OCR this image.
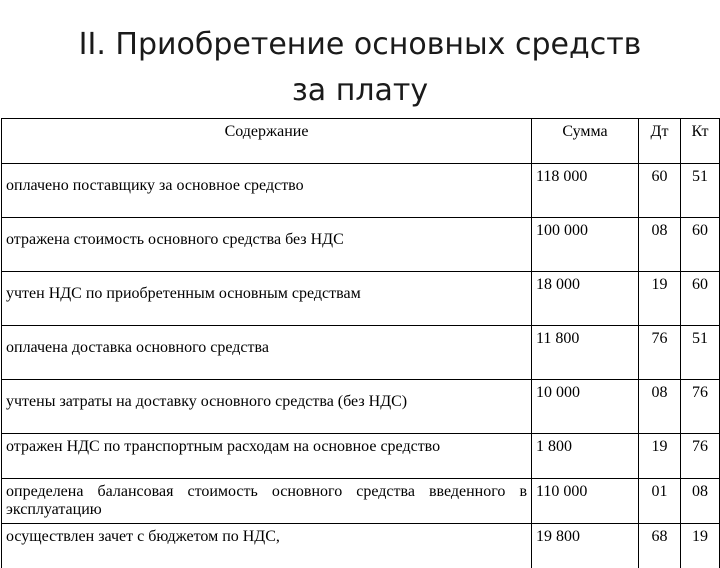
II. Приобретение основных средств
за плату
Содержание	Сумма	Дт	Кт
оплачено поставщику за основное средство	118 000	60	51
отражена стоимость основного средства без НДС	100 000	08	60
учтен НДС по приобретенным основным средствам	18 000	19	60
оплачена доставка основного средства	11 800	76	51
учтены затраты на доставку основного средства (без НДС)	10 000	08	76
отражен НДС по транспортным расходам на основное средство	1 800	19	76
определена балансовая стоимость основного средства введенного в эксплуатацию	110 000	01	08
осуществлен зачет с бюджетом по НДС,	19 800	68	19
